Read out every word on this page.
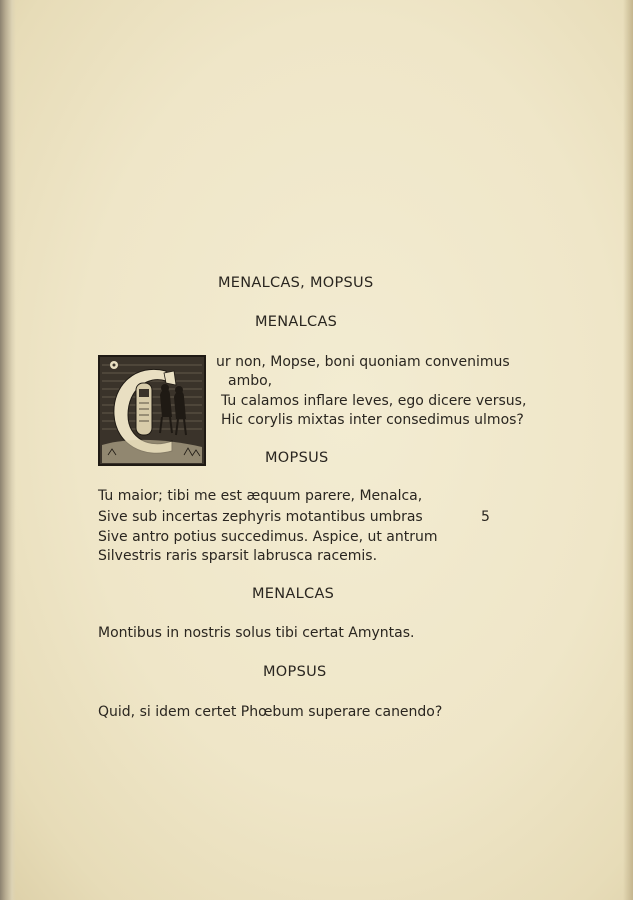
MENALCAS, MOPSUS
MENALCAS
ur non, Mopse, boni quoniam convenimus
ambo,
Tu calamos inflare leves, ego dicere versus,
Hic corylis mixtas inter consedimus ulmos?
MOPSUS
Tu maior; tibi me est æquum parere, Menalca,
Sive sub incertas zephyris motantibus umbras	5
Sive antro potius succedimus. Aspice, ut antrum
Silvestris raris sparsit labrusca racemis.
MENALCAS
Montibus in nostris solus tibi certat Amyntas.
MOPSUS
Quid, si idem certet Phœbum superare canendo?
